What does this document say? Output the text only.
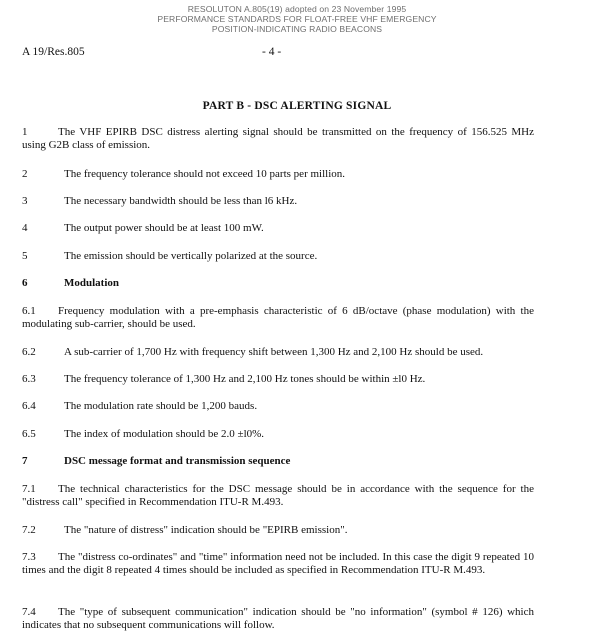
RESOLUTON A.805(19) adopted on 23 November 1995
PERFORMANCE STANDARDS FOR FLOAT-FREE VHF EMERGENCY
POSITION-INDICATING RADIO BEACONS
A 19/Res.805	- 4 -
PART B - DSC ALERTING SIGNAL
1	The VHF EPIRB DSC distress alerting signal should be transmitted on the frequency of 156.525 MHz using G2B class of emission.
2	The frequency tolerance should not exceed 10 parts per million.
3	The necessary bandwidth should be less than l6 kHz.
4	The output power should be at least 100 mW.
5	The emission should be vertically polarized at the source.
6	Modulation
6.1 Frequency modulation with a pre-emphasis characteristic of 6 dB/octave (phase modulation) with the modulating sub-carrier, should be used.
6.2	A sub-carrier of 1,700 Hz with frequency shift between 1,300 Hz and 2,100 Hz should be used.
6.3	The frequency tolerance of 1,300 Hz and 2,100 Hz tones should be within ±l0 Hz.
6.4	The modulation rate should be 1,200 bauds.
6.5	The index of modulation should be 2.0 ±l0%.
7	DSC message format and transmission sequence
7.1 The technical characteristics for the DSC message should be in accordance with the sequence for the "distress call" specified in Recommendation ITU-R M.493.
7.2	The "nature of distress" indication should be "EPIRB emission".
7.3 The "distress co-ordinates" and "time" information need not be included. In this case the digit 9 repeated 10 times and the digit 8 repeated 4 times should be included as specified in Recommendation ITU-R M.493.
7.4 The "type of subsequent communication" indication should be "no information" (symbol # 126) which indicates that no subsequent communications will follow.
